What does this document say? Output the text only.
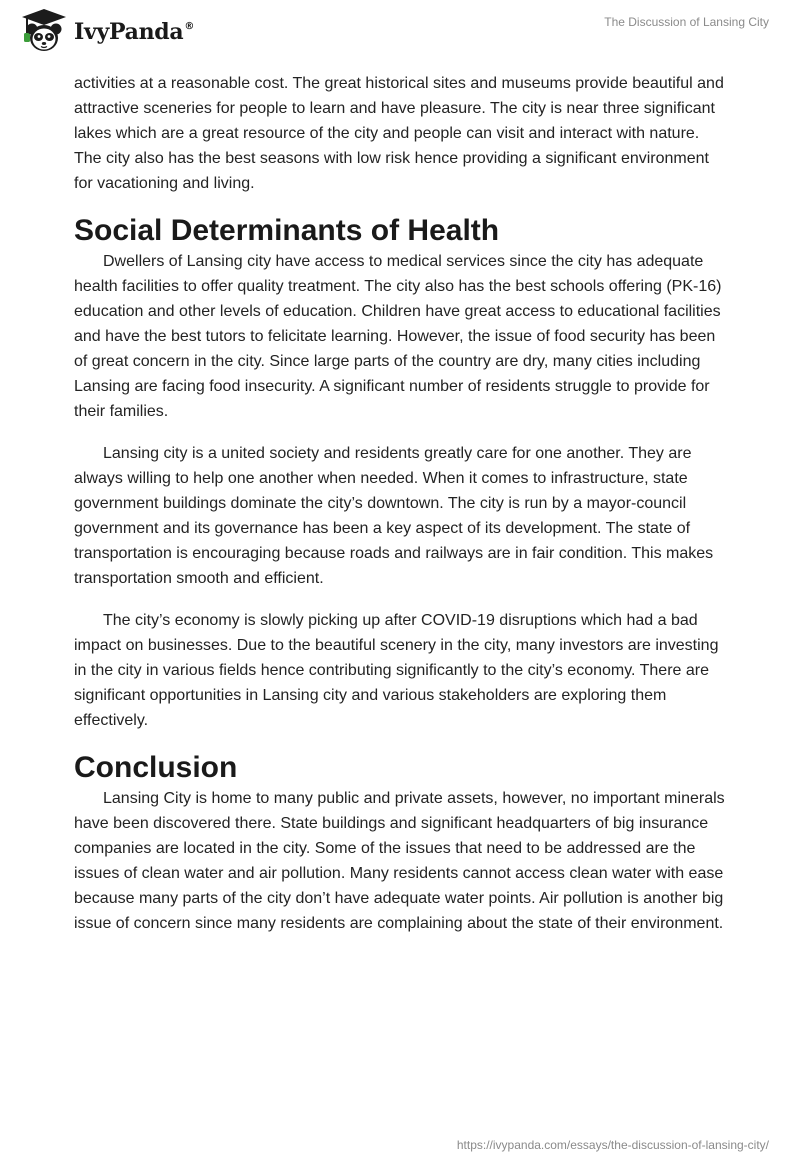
IvyPanda®	The Discussion of Lansing City

activities at a reasonable cost. The great historical sites and museums provide beautiful and attractive sceneries for people to learn and have pleasure. The city is near three significant lakes which are a great resource of the city and people can visit and interact with nature. The city also has the best seasons with low risk hence providing a significant environment for vacationing and living.

Social Determinants of Health

Dwellers of Lansing city have access to medical services since the city has adequate health facilities to offer quality treatment. The city also has the best schools offering (PK-16) education and other levels of education. Children have great access to educational facilities and have the best tutors to felicitate learning. However, the issue of food security has been of great concern in the city. Since large parts of the country are dry, many cities including Lansing are facing food insecurity. A significant number of residents struggle to provide for their families.

Lansing city is a united society and residents greatly care for one another. They are always willing to help one another when needed. When it comes to infrastructure, state government buildings dominate the city’s downtown. The city is run by a mayor-council government and its governance has been a key aspect of its development. The state of transportation is encouraging because roads and railways are in fair condition. This makes transportation smooth and efficient.

The city’s economy is slowly picking up after COVID-19 disruptions which had a bad impact on businesses. Due to the beautiful scenery in the city, many investors are investing in the city in various fields hence contributing significantly to the city’s economy. There are significant opportunities in Lansing city and various stakeholders are exploring them effectively.

Conclusion

Lansing City is home to many public and private assets, however, no important minerals have been discovered there. State buildings and significant headquarters of big insurance companies are located in the city. Some of the issues that need to be addressed are the issues of clean water and air pollution. Many residents cannot access clean water with ease because many parts of the city don’t have adequate water points. Air pollution is another big issue of concern since many residents are complaining about the state of their environment.

https://ivypanda.com/essays/the-discussion-of-lansing-city/
